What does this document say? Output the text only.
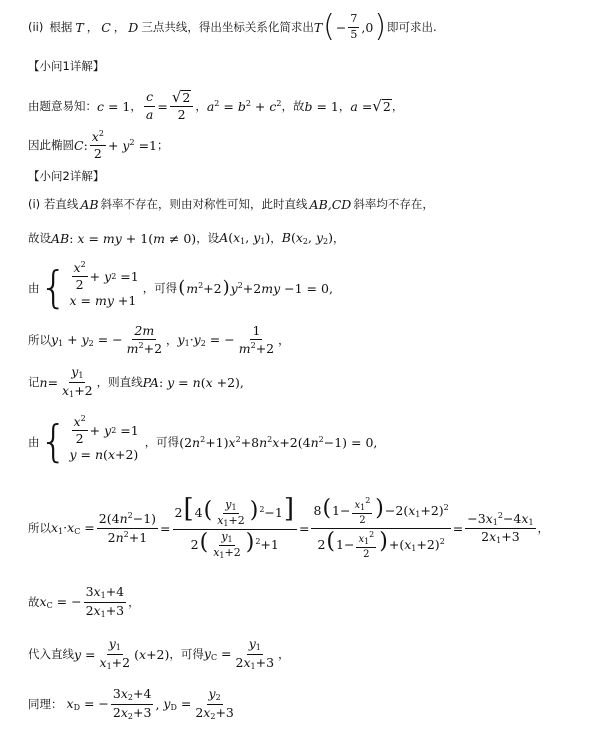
(ii) 根据 T ， C ， D 三点共线，得出坐标关系化简求出 T ( − $\frac{7}{5} ,0$ ) 即可求出.
【小问1详解】
由题意易知： c = 1 ， $\frac{c}{a} = \frac{√ 2}{2}$ ， $a^2 = b^2 + c^2$ ，故 b = 1 ， a = √ 2 ，
因此椭圆 C: $\frac{x^2}{2} + y^2 =1$ ；
【小问2详解】
(i) 若直线 AB 斜率不存在，则由对称性可知，此时直线 AB,CD 斜率均不存在，
故设 AB: x = my + 1(m ≠ 0) ，设 $A(x_1$, $y_1$) ， $B(x_2$, $y_2$) ，
由 { $\frac{x^2}{2} + y$ 2 =1
x = my +1
，可得 $(m^2+2)y^2+2my -1 = 0$,
所以 $y_1 + y_2$ = − $\frac{2m}{m^2+2}$ ， $y_1\cdot y_2$ = − $\frac{1}{m^2+2}$ ，
记 $n= \frac{y_1}{x_1+2}$ ，则直线 PA: y = n(x +2),
由 { $\frac{x^2}{2} + y$ 2 =1
y = n ( x +2)
，可得 $(2n^2+1)x^2+8n^2x+2(4n^2-1) = 0$,
所以 $x_1\cdot x_C = \frac{2(4n^2-1)}{2n^2+1} = \frac{2[4( \frac{y_1}{x_1+2} )^2-1]}{2( \frac{y_1}{x_1+2} )^2+1} = \frac{8(1- \frac{x_1^2}{2} )-2(x_1+2)^2}{2(1- \frac{x_1^2}{2} )+(x_1+2)^2} = \frac{-3x_1^2-4x_1}{2x_1+3}$ ，
故 $x_C$ = − $\frac{3x_1+4}{2x_1+3}$ ，
代入直线 $y = \frac{y_1}{x_1+2} (x+2)$ ，可得 $y_C = \frac{y_1}{2x_1+3}$ ，
同理： $x_D$ = − $\frac{3x_2+4}{2x_2+3}$ , $y_D = \frac{y_2}{2x_2+3}$
